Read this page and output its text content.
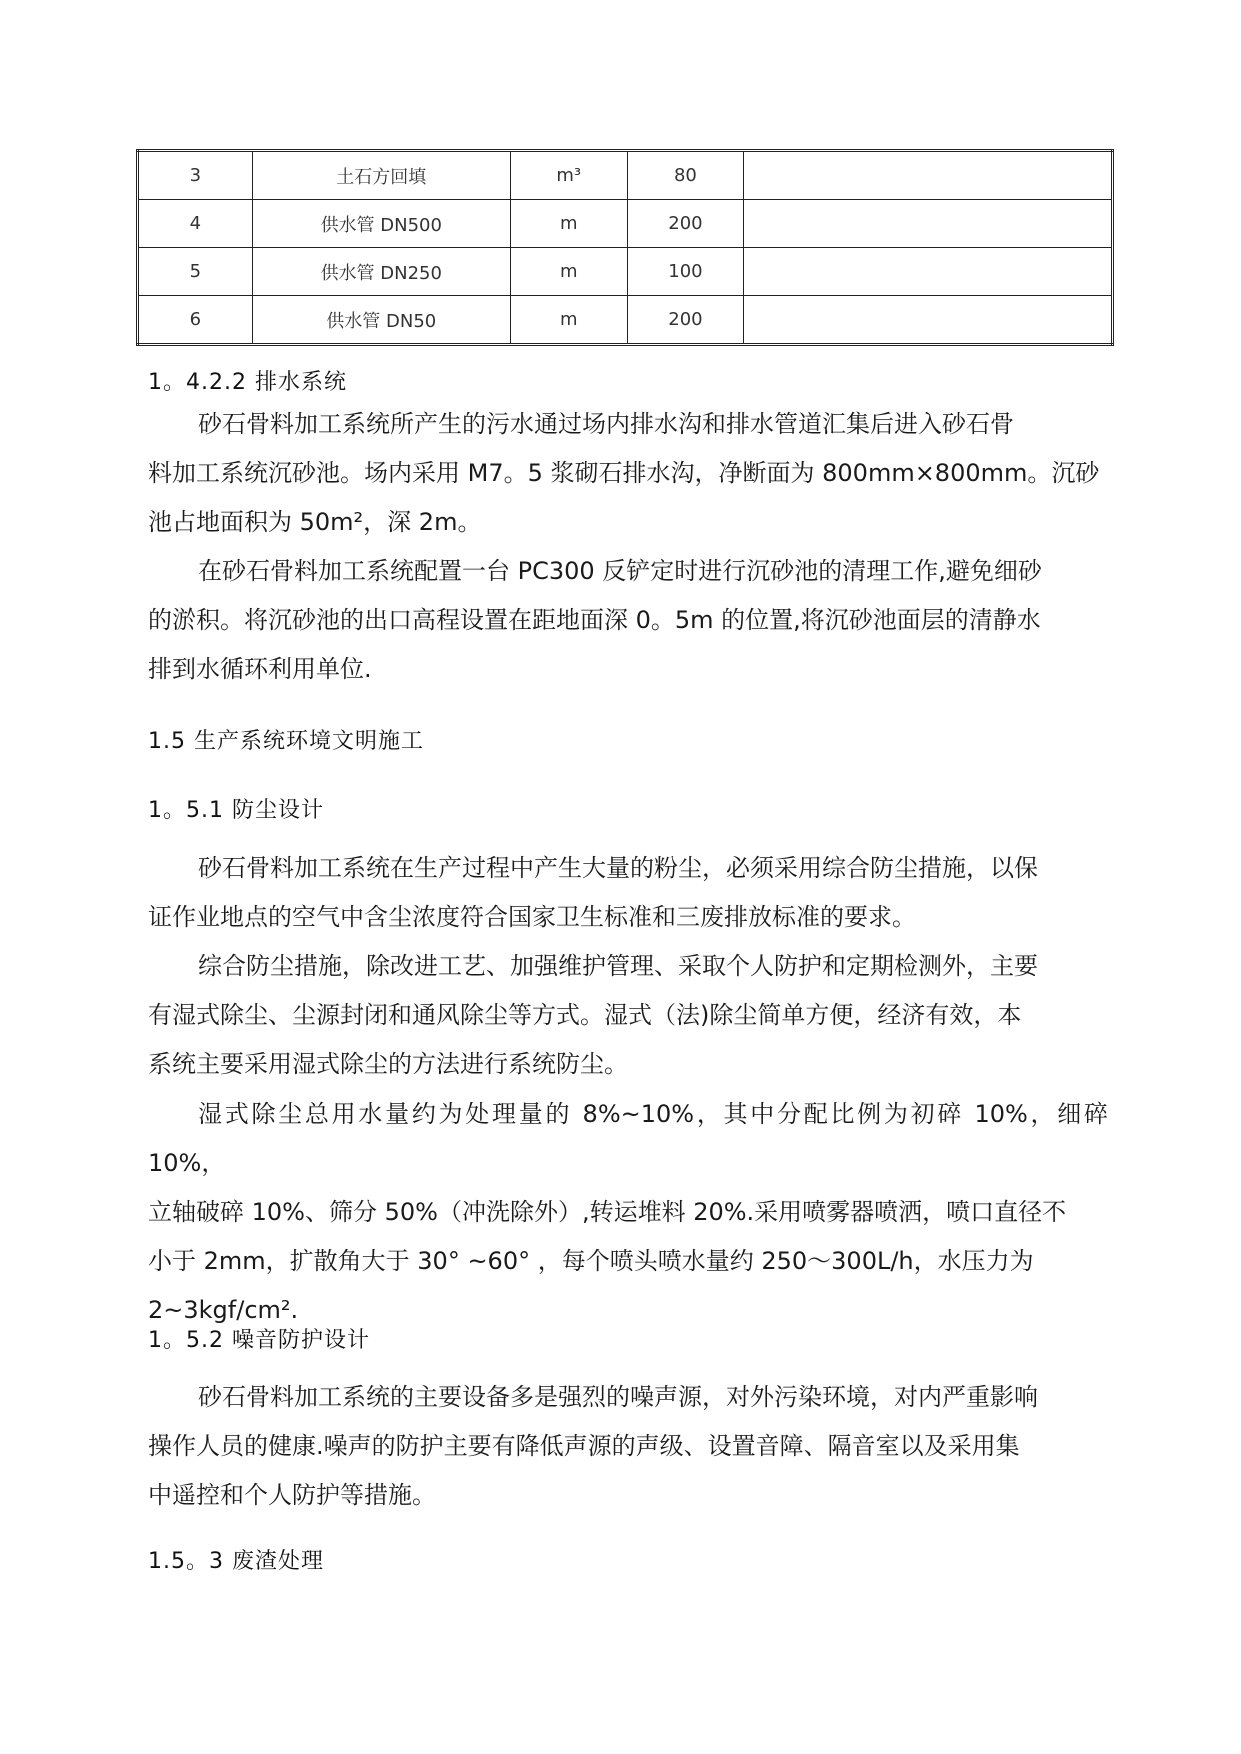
3	土石方回填	m³	80	
4	供水管 DN500	m	200	
5	供水管 DN250	m	100	
6	供水管 DN50	m	200	
1。4.2.2 排水系统

砂石骨料加工系统所产生的污水通过场内排水沟和排水管道汇集后进入砂石骨
料加工系统沉砂池。场内采用 M7。5 浆砌石排水沟，净断面为 800mm×800mm。沉砂
池占地面积为 50m²，深 2m。

在砂石骨料加工系统配置一台 PC300 反铲定时进行沉砂池的清理工作,避免细砂
的淤积。将沉砂池的出口高程设置在距地面深 0。5m 的位置,将沉砂池面层的清静水
排到水循环利用单位.

1.5 生产系统环境文明施工
1。5.1 防尘设计

砂石骨料加工系统在生产过程中产生大量的粉尘，必须采用综合防尘措施，以保
证作业地点的空气中含尘浓度符合国家卫生标准和三废排放标准的要求。

综合防尘措施，除改进工艺、加强维护管理、采取个人防护和定期检测外，主要
有湿式除尘、尘源封闭和通风除尘等方式。湿式（法)除尘简单方便，经济有效，本
系统主要采用湿式除尘的方法进行系统防尘。

湿式除尘总用水量约为处理量的 8%~10%，其中分配比例为初碎 10%，细碎 10%，
立轴破碎 10%、筛分 50%（冲洗除外）,转运堆料 20%.采用喷雾器喷洒，喷口直径不
小于 2mm，扩散角大于 30° ~60° ，每个喷头喷水量约 250～300L/h，水压力为
2~3kgf/cm².

1。5.2 噪音防护设计

砂石骨料加工系统的主要设备多是强烈的噪声源，对外污染环境，对内严重影响
操作人员的健康.噪声的防护主要有降低声源的声级、设置音障、隔音室以及采用集
中遥控和个人防护等措施。

1.5。3 废渣处理
